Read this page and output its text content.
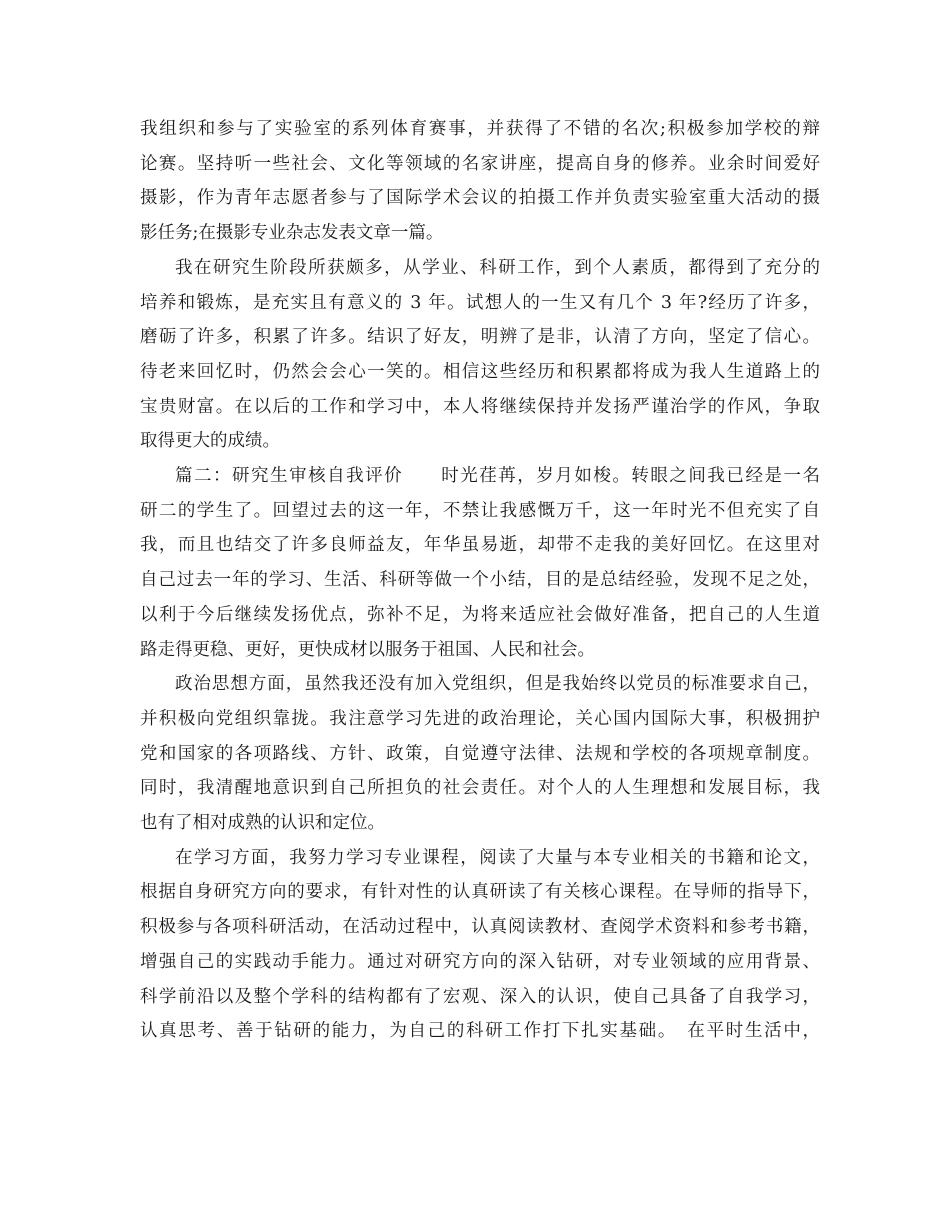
我组织和参与了实验室的系列体育赛事，并获得了不错的名次;积极参加学校的辩
论赛。坚持听一些社会、文化等领域的名家讲座，提高自身的修养。业余时间爱好
摄影，作为青年志愿者参与了国际学术会议的拍摄工作并负责实验室重大活动的摄
影任务;在摄影专业杂志发表文章一篇。
我在研究生阶段所获颇多，从学业、科研工作，到个人素质，都得到了充分的
培养和锻炼，是充实且有意义的 3 年。试想人的一生又有几个 3 年?经历了许多，
磨砺了许多，积累了许多。结识了好友，明辨了是非，认清了方向，坚定了信心。
待老来回忆时，仍然会会心一笑的。相信这些经历和积累都将成为我人生道路上的
宝贵财富。在以后的工作和学习中，本人将继续保持并发扬严谨治学的作风，争取
取得更大的成绩。
篇二：研究生审核自我评价　　时光荏苒，岁月如梭。转眼之间我已经是一名
研二的学生了。回望过去的这一年，不禁让我感慨万千，这一年时光不但充实了自
我，而且也结交了许多良师益友，年华虽易逝，却带不走我的美好回忆。在这里对
自己过去一年的学习、生活、科研等做一个小结，目的是总结经验，发现不足之处，
以利于今后继续发扬优点，弥补不足，为将来适应社会做好准备，把自己的人生道
路走得更稳、更好，更快成材以服务于祖国、人民和社会。
政治思想方面，虽然我还没有加入党组织，但是我始终以党员的标准要求自己，
并积极向党组织靠拢。我注意学习先进的政治理论，关心国内国际大事，积极拥护
党和国家的各项路线、方针、政策，自觉遵守法律、法规和学校的各项规章制度。
同时，我清醒地意识到自己所担负的社会责任。对个人的人生理想和发展目标，我
也有了相对成熟的认识和定位。
在学习方面，我努力学习专业课程，阅读了大量与本专业相关的书籍和论文，
根据自身研究方向的要求，有针对性的认真研读了有关核心课程。在导师的指导下，
积极参与各项科研活动，在活动过程中，认真阅读教材、查阅学术资料和参考书籍，
增强自己的实践动手能力。通过对研究方向的深入钻研，对专业领域的应用背景、
科学前沿以及整个学科的结构都有了宏观、深入的认识，使自己具备了自我学习，
认真思考、善于钻研的能力，为自己的科研工作打下扎实基础。　在平时生活中，
